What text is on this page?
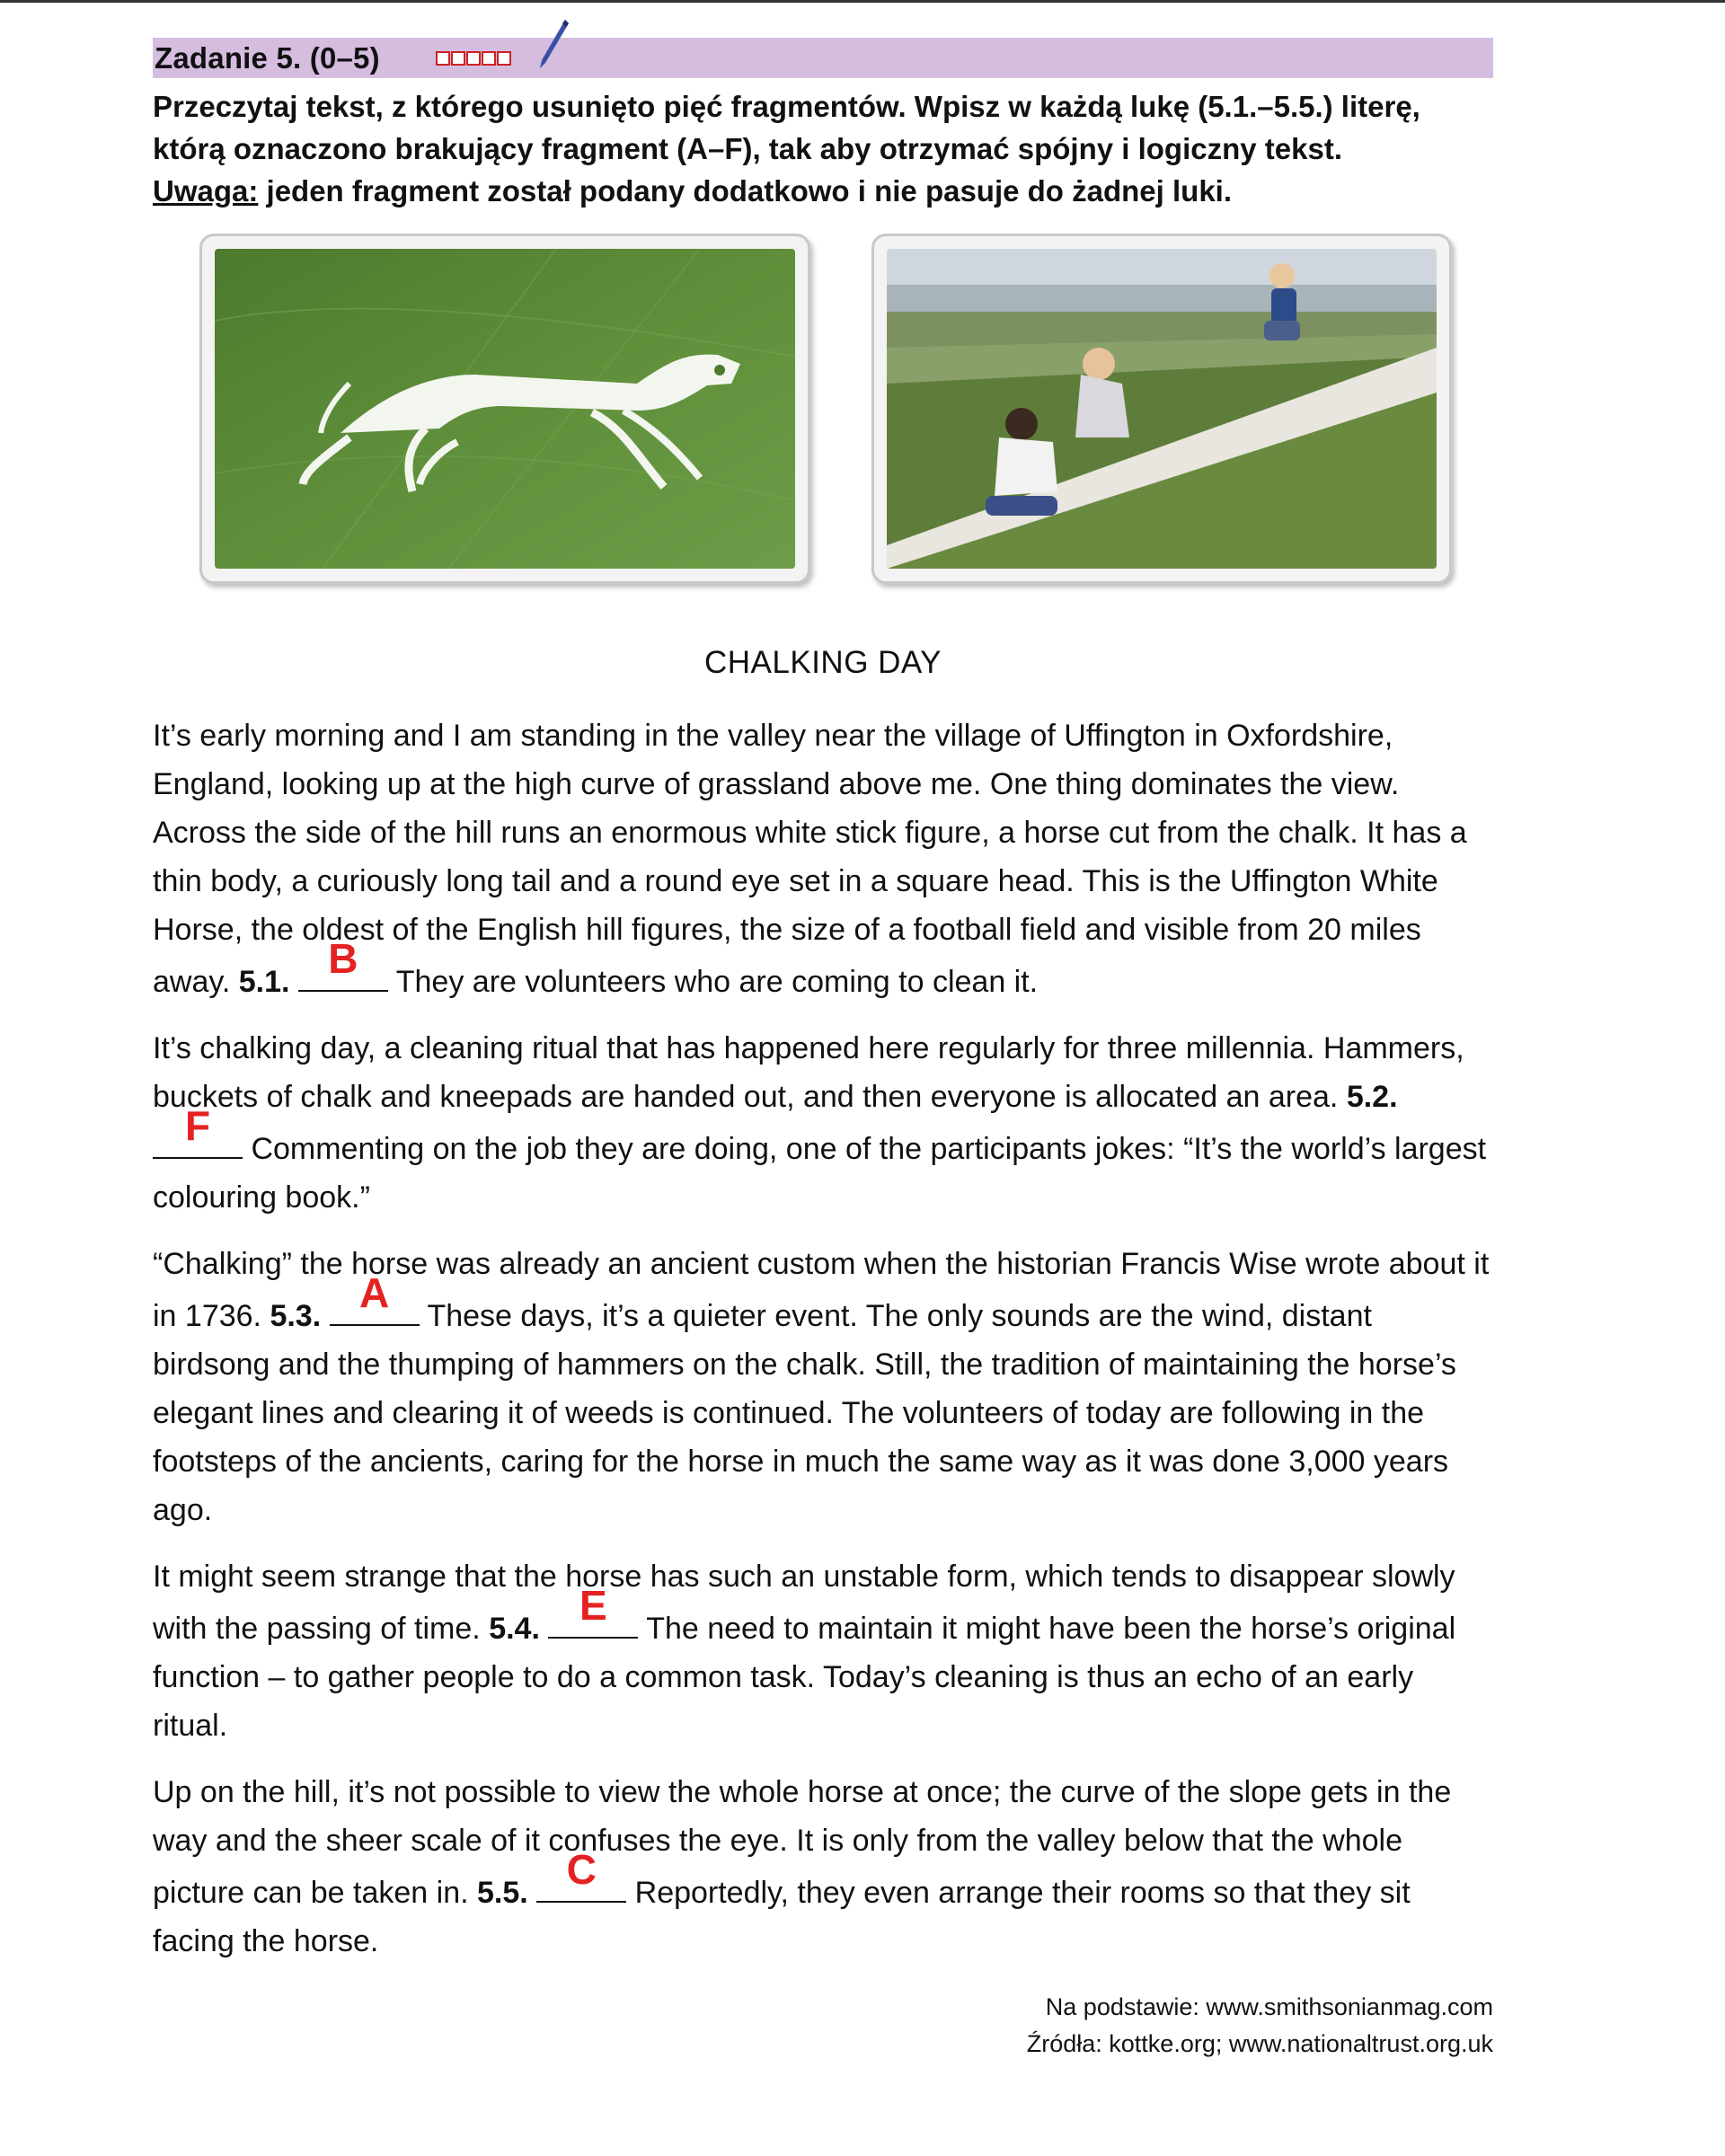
Zadanie 5. (0–5)

Przeczytaj tekst, z którego usunięto pięć fragmentów. Wpisz w każdą lukę (5.1.–5.5.) literę, którą oznaczono brakujący fragment (A–F), tak aby otrzymać spójny i logiczny tekst.

Uwaga: jeden fragment został podany dodatkowo i nie pasuje do żadnej luki.

CHALKING DAY

It’s early morning and I am standing in the valley near the village of Uffington in Oxfordshire, England, looking up at the high curve of grassland above me. One thing dominates the view. Across the side of the hill runs an enormous white stick figure, a horse cut from the chalk. It has a thin body, a curiously long tail and a round eye set in a square head. This is the Uffington White Horse, the oldest of the English hill figures, the size of a football field and visible from 20 miles away. 5.1. B They are volunteers who are coming to clean it.

It’s chalking day, a cleaning ritual that has happened here regularly for three millennia. Hammers, buckets of chalk and kneepads are handed out, and then everyone is allocated an area. 5.2.
F	Commenting on the job they are doing, one of the participants jokes: “It’s the world’s largest colouring book.”

“Chalking” the horse was already an ancient custom when the historian Francis Wise wrote about it in 1736. 5.3. A These days, it’s a quieter event. The only sounds are the wind, distant birdsong and the thumping of hammers on the chalk. Still, the tradition of maintaining the horse’s elegant lines and clearing it of weeds is continued. The volunteers of today are following in the footsteps of the ancients, caring for the horse in much the same way as it was done 3,000 years ago.

It might seem strange that the horse has such an unstable form, which tends to disappear slowly with the passing of time. 5.4. E	The need to maintain it might have been the horse’s original function – to gather people to do a common task. Today’s cleaning is thus an echo of an early ritual.

Up on the hill, it’s not possible to view the whole horse at once; the curve of the slope gets in the way and the sheer scale of it confuses the eye. It is only from the valley below that the whole picture can be taken in. 5.5. C Reportedly, they even arrange their rooms so that they sit facing the horse.

Na podstawie: www.smithsonianmag.com
Źródła: kottke.org; www.nationaltrust.org.uk
